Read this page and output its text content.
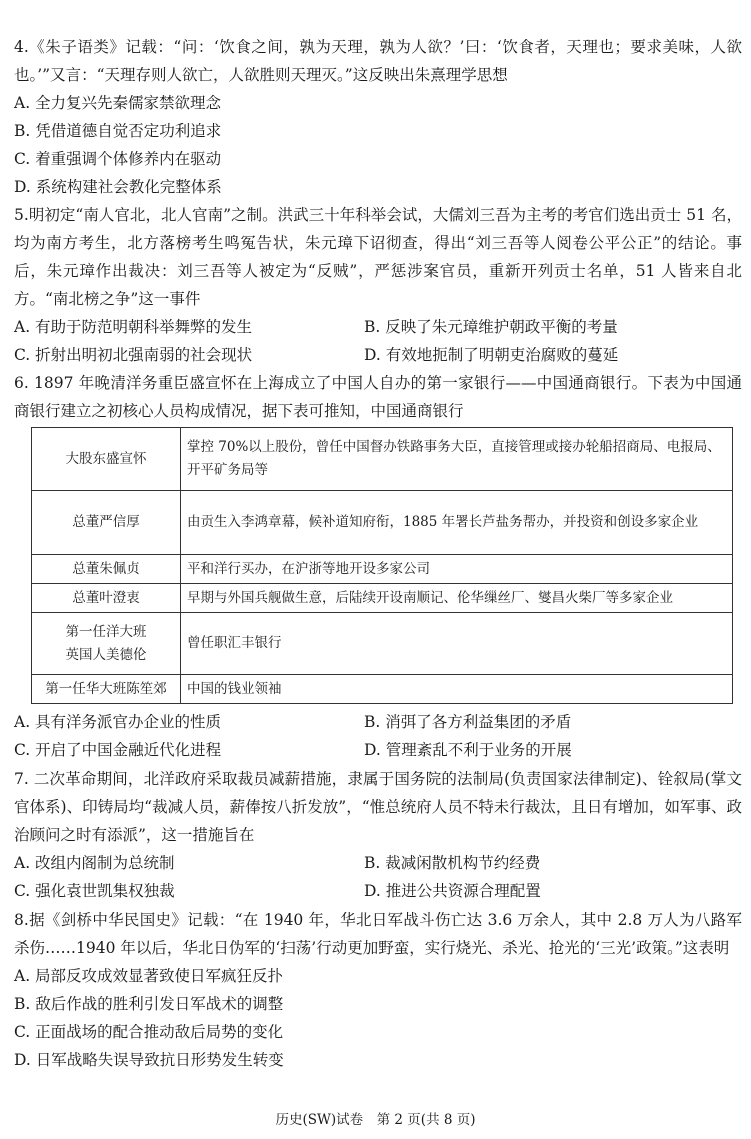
4.《朱子语类》记载：“问：‘饮食之间，孰为天理，孰为人欲？’曰：‘饮食者，天理也；要求美味，人欲也。’”又言：“天理存则人欲亡，人欲胜则天理灭。”这反映出朱熹理学思想
A. 全力复兴先秦儒家禁欲理念
B. 凭借道德自觉否定功利追求
C. 着重强调个体修养内在驱动
D. 系统构建社会教化完整体系
5.明初定“南人官北，北人官南”之制。洪武三十年科举会试，大儒刘三吾为主考的考官们选出贡士 51 名，均为南方考生，北方落榜考生鸣冤告状，朱元璋下诏彻查，得出“刘三吾等人阅卷公平公正”的结论。事后，朱元璋作出裁决：刘三吾等人被定为“反贼”，严惩涉案官员，重新开列贡士名单，51 人皆来自北方。“南北榜之争”这一事件
A. 有助于防范明朝科举舞弊的发生	B. 反映了朱元璋维护朝政平衡的考量
C. 折射出明初北强南弱的社会现状	D. 有效地扼制了明朝吏治腐败的蔓延
6. 1897 年晚清洋务重臣盛宣怀在上海成立了中国人自办的第一家银行——中国通商银行。下表为中国通商银行建立之初核心人员构成情况，据下表可推知，中国通商银行
大股东盛宣怀	掌控 70%以上股份，曾任中国督办铁路事务大臣，直接管理或接办轮船招商局、电报局、开平矿务局等
总董严信厚	由贡生入李鸿章幕，候补道知府衔，1885 年署长芦盐务帮办，并投资和创设多家企业
总董朱佩贞	平和洋行买办，在沪浙等地开设多家公司
总董叶澄衷	早期与外国兵舰做生意，后陆续开设南顺记、伦华缫丝厂、燮昌火柴厂等多家企业
第一任洋大班
英国人美德伦	曾任职汇丰银行
第一任华大班陈笙郊	中国的钱业领袖
A. 具有洋务派官办企业的性质	B. 消弭了各方利益集团的矛盾
C. 开启了中国金融近代化进程	D. 管理紊乱不利于业务的开展
7. 二次革命期间，北洋政府采取裁员减薪措施，隶属于国务院的法制局(负责国家法律制定)、铨叙局(掌文官体系)、印铸局均“裁减人员，薪俸按八折发放”，“惟总统府人员不特未行裁汰，且日有增加，如军事、政治顾问之时有添派”，这一措施旨在
A. 改组内阁制为总统制	B. 裁减闲散机构节约经费
C. 强化袁世凯集权独裁	D. 推进公共资源合理配置
8.据《剑桥中华民国史》记载：“在 1940 年，华北日军战斗伤亡达 3.6 万余人，其中 2.8 万人为八路军杀伤……1940 年以后，华北日伪军的‘扫荡’行动更加野蛮，实行烧光、杀光、抢光的‘三光’政策。”这表明
A. 局部反攻成效显著致使日军疯狂反扑
B. 敌后作战的胜利引发日军战术的调整
C. 正面战场的配合推动敌后局势的变化
D. 日军战略失误导致抗日形势发生转变
历史(SW)试卷　第 2 页(共 8 页)
